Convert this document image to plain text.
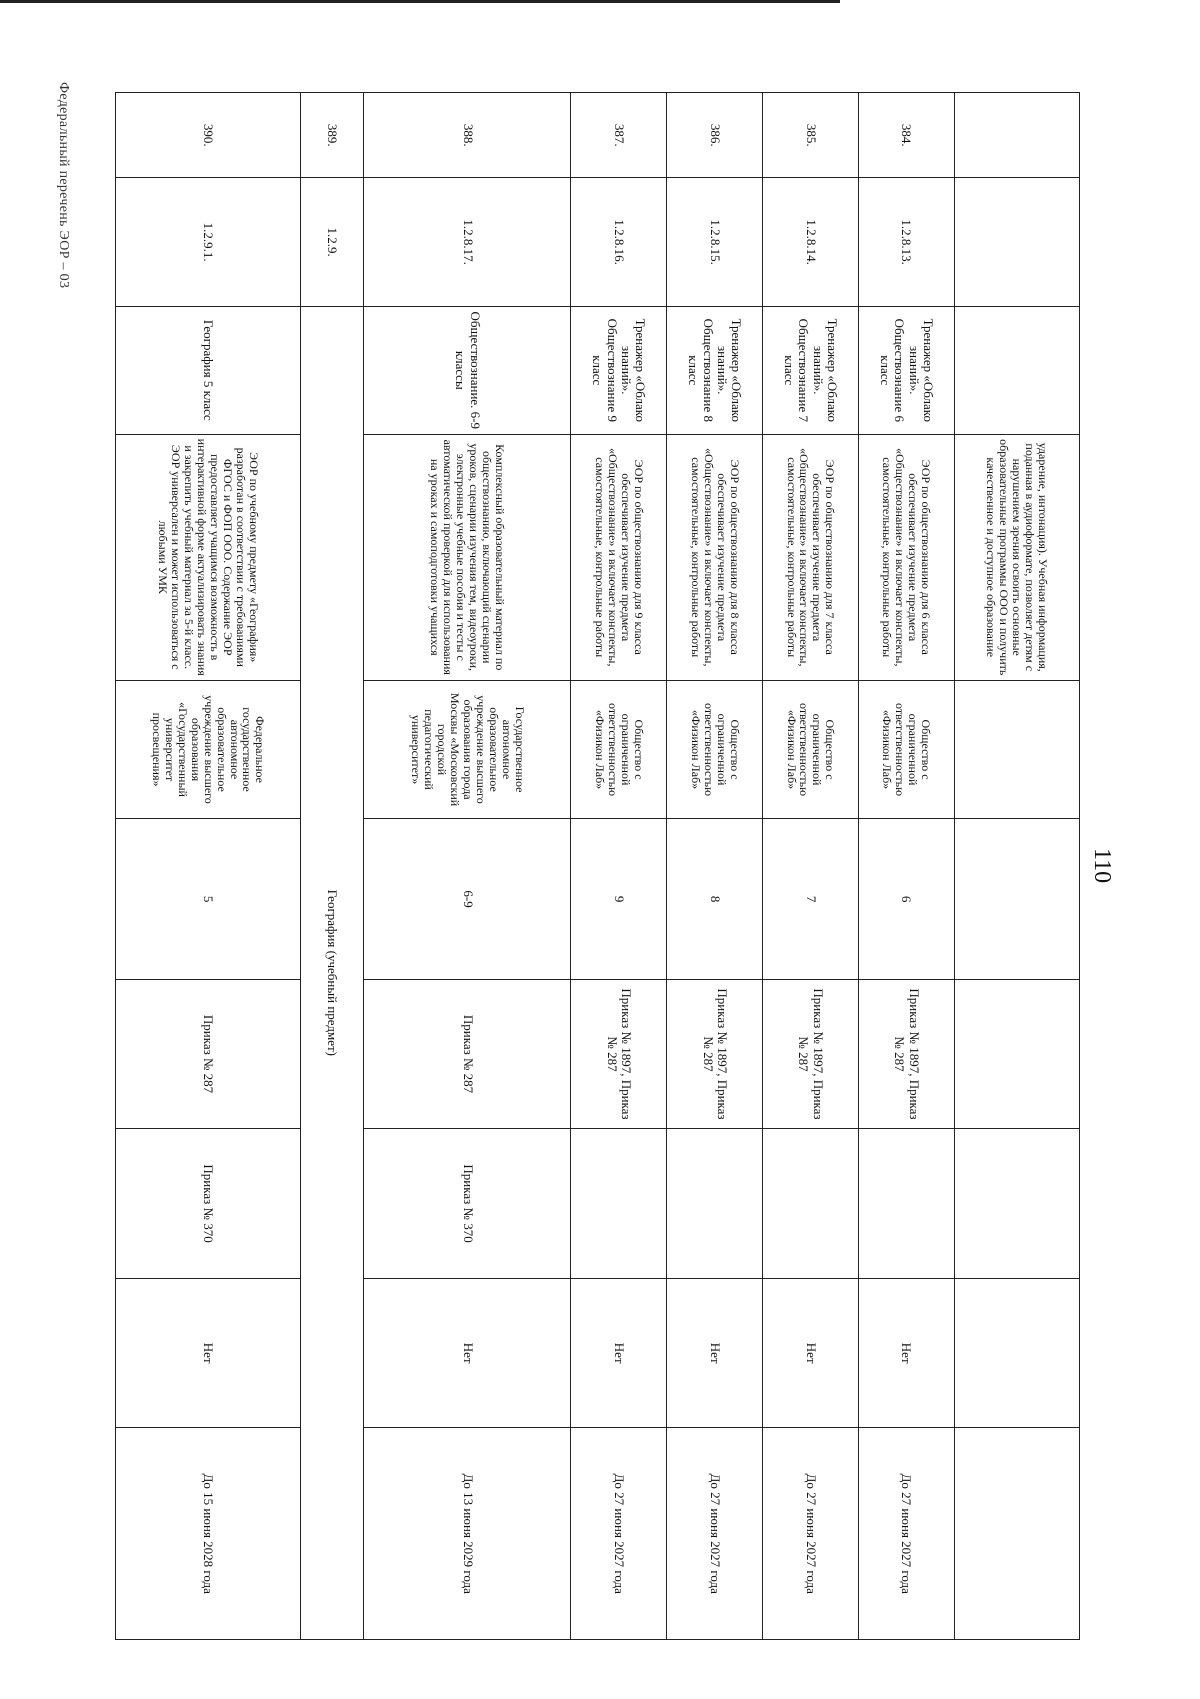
Федеральный перечень ЭОР – 03
110
			ударение, интонация). Учебная информация, поданная в аудиоформате, позволяет детям с нарушением зрения освоить основные образовательные программы ООО и получить качественное и доступное образование						
384.	1.2.8.13.	Тренажер «Облако знаний». Обществознание 6 класс	ЭОР по обществознанию для 6 класса обеспечивает изучение предмета «Обществознание» и включает конспекты, самостоятельные, контрольные работы	Общество с ограниченной ответственностью «Физикон Лаб»	6	Приказ № 1897, Приказ № 287		Нет	До 27 июня 2027 года
385.	1.2.8.14.	Тренажер «Облако знаний». Обществознание 7 класс	ЭОР по обществознанию для 7 класса обеспечивает изучение предмета «Обществознание» и включает конспекты, самостоятельные, контрольные работы	Общество с ограниченной ответственностью «Физикон Лаб»	7	Приказ № 1897, Приказ № 287		Нет	До 27 июня 2027 года
386.	1.2.8.15.	Тренажер «Облако знаний». Обществознание 8 класс	ЭОР по обществознанию для 8 класса обеспечивает изучение предмета «Обществознание» и включает конспекты, самостоятельные, контрольные работы	Общество с ограниченной ответственностью «Физикон Лаб»	8	Приказ № 1897, Приказ № 287		Нет	До 27 июня 2027 года
387.	1.2.8.16.	Тренажер «Облако знаний». Обществознание 9 класс	ЭОР по обществознанию для 9 класса обеспечивает изучение предмета «Обществознание» и включает конспекты, самостоятельные, контрольные работы	Общество с ограниченной ответственностью «Физикон Лаб»	9	Приказ № 1897, Приказ № 287		Нет	До 27 июня 2027 года
388.	1.2.8.17.	Обществознание. 6-9 классы	Комплексный образовательный материал по обществознанию, включающий сценарии уроков, сценарии изучения тем, видеоуроки, электронные учебные пособия и тесты с автоматической проверкой для использования на уроках и самоподготовки учащихся	Государственное автономное образовательное учреждение высшего образования города Москвы «Московский городской педагогический университет»	6-9	Приказ № 287	Приказ № 370	Нет	До 13 июня 2029 года
389.	1.2.9.	География (учебный предмет)							
390.	1.2.9.1.	География 5 класс	ЭОР по учебному предмету «География» разработан в соответствии с требованиями ФГОС и ФОП ООО. Содержание ЭОР предоставляет учащимся возможность в интерактивной форме актуализировать знания и закрепить учебный материал за 5-й класс. ЭОР универсален и может использоваться с любыми УМК	Федеральное государственное автономное образовательное учреждение высшего образования «Государственный университет просвещения»	5	Приказ № 287	Приказ № 370	Нет	До 15 июня 2028 года
